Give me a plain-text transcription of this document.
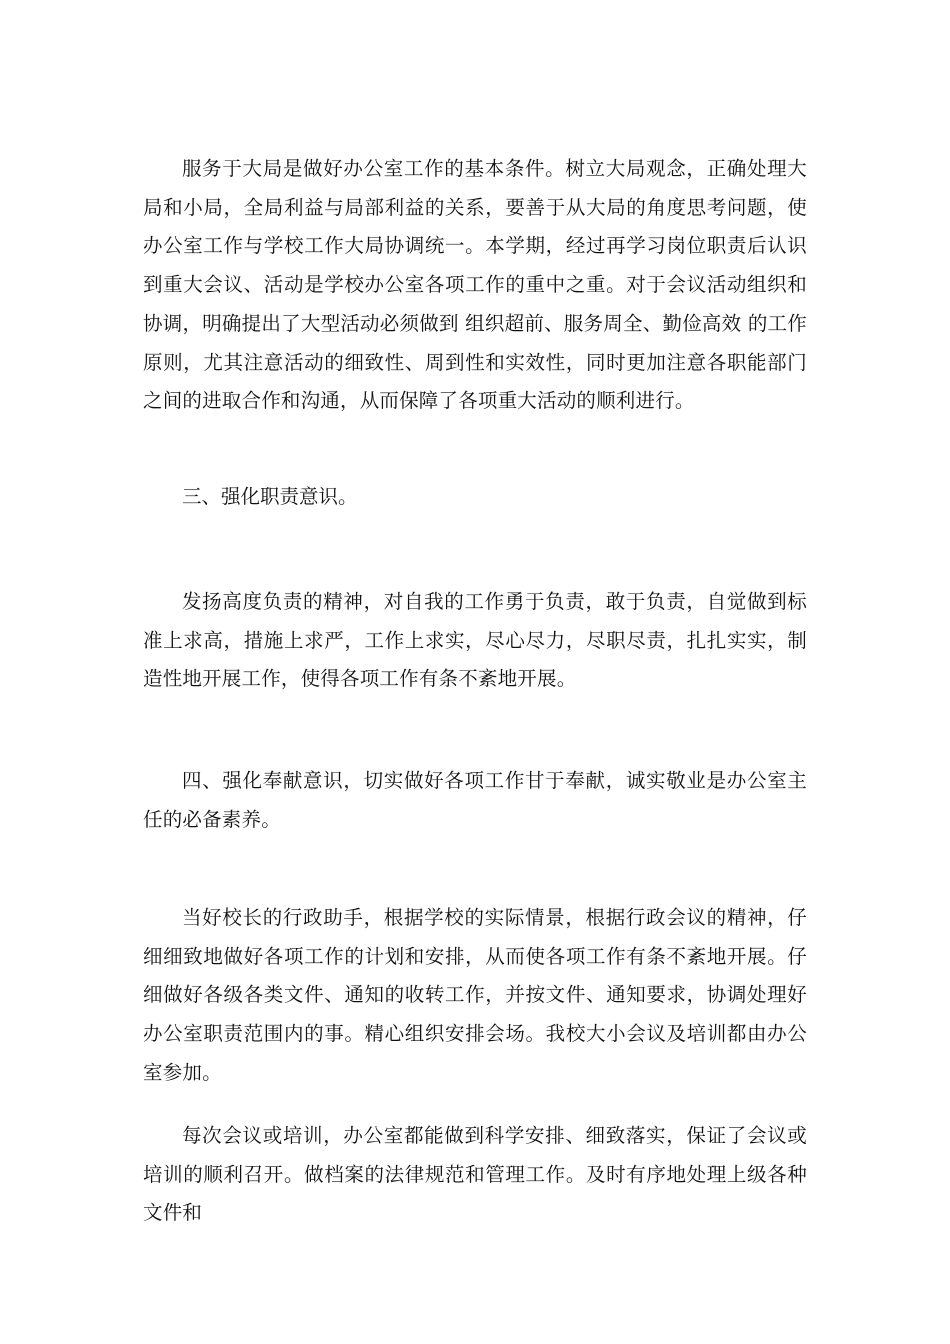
服务于大局是做好办公室工作的基本条件。树立大局观念，正确处理大局和小局，全局利益与局部利益的关系，要善于从大局的角度思考问题，使办公室工作与学校工作大局协调统一。本学期，经过再学习岗位职责后认识到重大会议、活动是学校办公室各项工作的重中之重。对于会议活动组织和协调，明确提出了大型活动必须做到 组织超前、服务周全、勤俭高效 的工作原则，尤其注意活动的细致性、周到性和实效性，同时更加注意各职能部门之间的进取合作和沟通，从而保障了各项重大活动的顺利进行。

三、强化职责意识。

发扬高度负责的精神，对自我的工作勇于负责，敢于负责，自觉做到标准上求高，措施上求严，工作上求实，尽心尽力，尽职尽责，扎扎实实，制造性地开展工作，使得各项工作有条不紊地开展。

四、强化奉献意识，切实做好各项工作甘于奉献，诚实敬业是办公室主任的必备素养。

当好校长的行政助手，根据学校的实际情景，根据行政会议的精神，仔细细致地做好各项工作的计划和安排，从而使各项工作有条不紊地开展。仔细做好各级各类文件、通知的收转工作，并按文件、通知要求，协调处理好办公室职责范围内的事。精心组织安排会场。我校大小会议及培训都由办公室参加。

每次会议或培训，办公室都能做到科学安排、细致落实，保证了会议或培训的顺利召开。做档案的法律规范和管理工作。及时有序地处理上级各种文件和
